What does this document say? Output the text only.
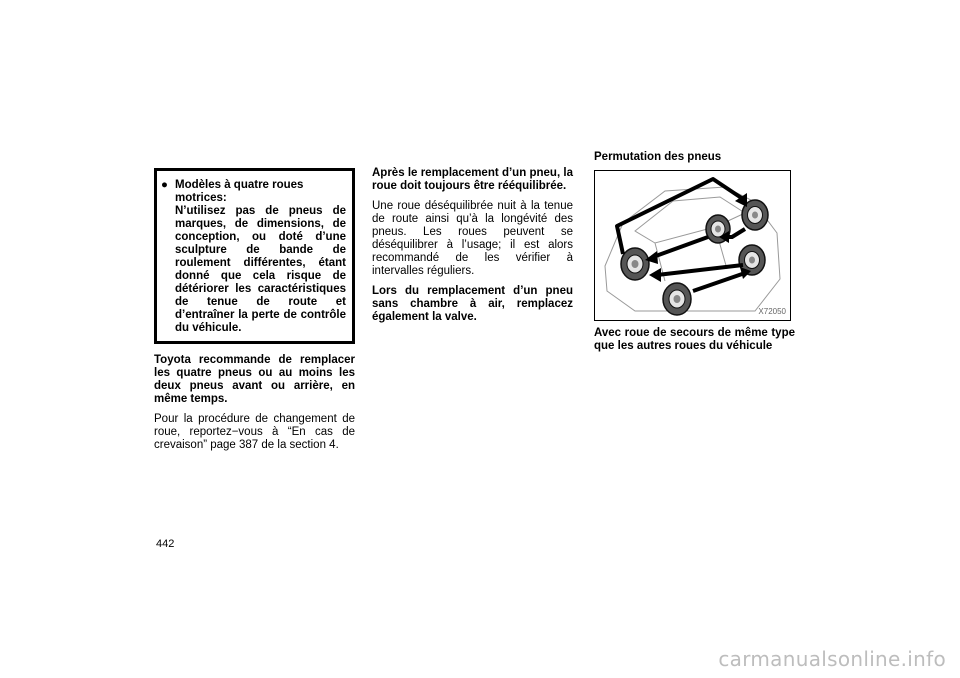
● Modèles à quatre roues motrices:
N’utilisez pas de pneus de marques, de dimensions, de conception, ou doté d’une sculpture de bande de roulement différentes, étant donné que cela risque de détériorer les caractéristiques de tenue de route et d’entraîner la perte de contrôle du véhicule.

Toyota recommande de remplacer les quatre pneus ou au moins les deux pneus avant ou arrière, en même temps.

Pour la procédure de changement de roue, reportez−vous à “En cas de crevaison” page 387 de la section 4.

Après le remplacement d’un pneu, la roue doit toujours être rééquilibrée.

Une roue déséquilibrée nuit à la tenue de route ainsi qu’à la longévité des pneus. Les roues peuvent se déséquilibrer à l’usage; il est alors recommandé de les vérifier à intervalles réguliers.

Lors du remplacement d’un pneu sans chambre à air, remplacez également la valve.

Permutation des pneus
X72050

Avec roue de secours de même type que les autres roues du véhicule

442
carmanualsonline.info
